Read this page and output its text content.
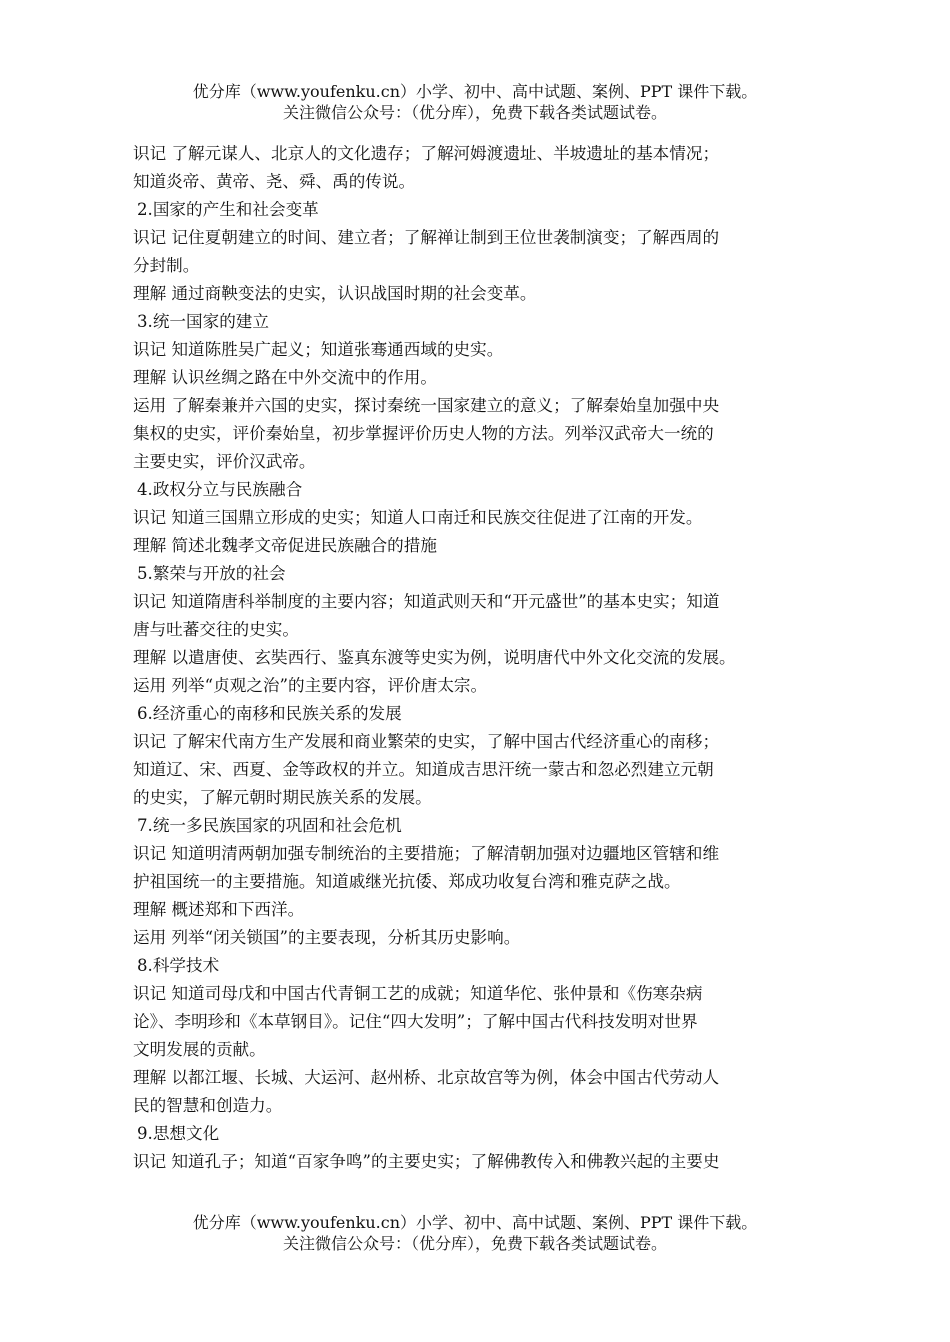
优分库（www.youfenku.cn）小学、初中、高中试题、案例、PPT 课件下载。
关注微信公众号：（优分库），免费下载各类试题试卷。
识记 了解元谋人、北京人的文化遗存；了解河姆渡遗址、半坡遗址的基本情况；
知道炎帝、黄帝、尧、舜、禹的传说。
2.国家的产生和社会变革
识记 记住夏朝建立的时间、建立者；了解禅让制到王位世袭制演变；了解西周的
分封制。
理解 通过商鞅变法的史实，认识战国时期的社会变革。
3.统一国家的建立
识记 知道陈胜吴广起义；知道张骞通西域的史实。
理解 认识丝绸之路在中外交流中的作用。
运用 了解秦兼并六国的史实，探讨秦统一国家建立的意义；了解秦始皇加强中央
集权的史实，评价秦始皇，初步掌握评价历史人物的方法。列举汉武帝大一统的
主要史实，评价汉武帝。
4.政权分立与民族融合
识记 知道三国鼎立形成的史实；知道人口南迁和民族交往促进了江南的开发。
理解 简述北魏孝文帝促进民族融合的措施
5.繁荣与开放的社会
识记 知道隋唐科举制度的主要内容；知道武则天和“开元盛世”的基本史实；知道
唐与吐蕃交往的史实。
理解 以遣唐使、玄奘西行、鉴真东渡等史实为例，说明唐代中外文化交流的发展。
运用 列举“贞观之治”的主要内容，评价唐太宗。
6.经济重心的南移和民族关系的发展
识记 了解宋代南方生产发展和商业繁荣的史实，了解中国古代经济重心的南移；
知道辽、宋、西夏、金等政权的并立。知道成吉思汗统一蒙古和忽必烈建立元朝
的史实，了解元朝时期民族关系的发展。
7.统一多民族国家的巩固和社会危机
识记 知道明清两朝加强专制统治的主要措施；了解清朝加强对边疆地区管辖和维
护祖国统一的主要措施。知道戚继光抗倭、郑成功收复台湾和雅克萨之战。
理解 概述郑和下西洋。
运用 列举“闭关锁国”的主要表现，分析其历史影响。
8.科学技术
识记 知道司母戊和中国古代青铜工艺的成就；知道华佗、张仲景和《伤寒杂病
论》、李明珍和《本草钢目》。记住“四大发明”；了解中国古代科技发明对世界
文明发展的贡献。
理解 以都江堰、长城、大运河、赵州桥、北京故宫等为例，体会中国古代劳动人
民的智慧和创造力。
9.思想文化
识记 知道孔子；知道“百家争鸣”的主要史实；了解佛教传入和佛教兴起的主要史
优分库（www.youfenku.cn）小学、初中、高中试题、案例、PPT 课件下载。
关注微信公众号：（优分库），免费下载各类试题试卷。
